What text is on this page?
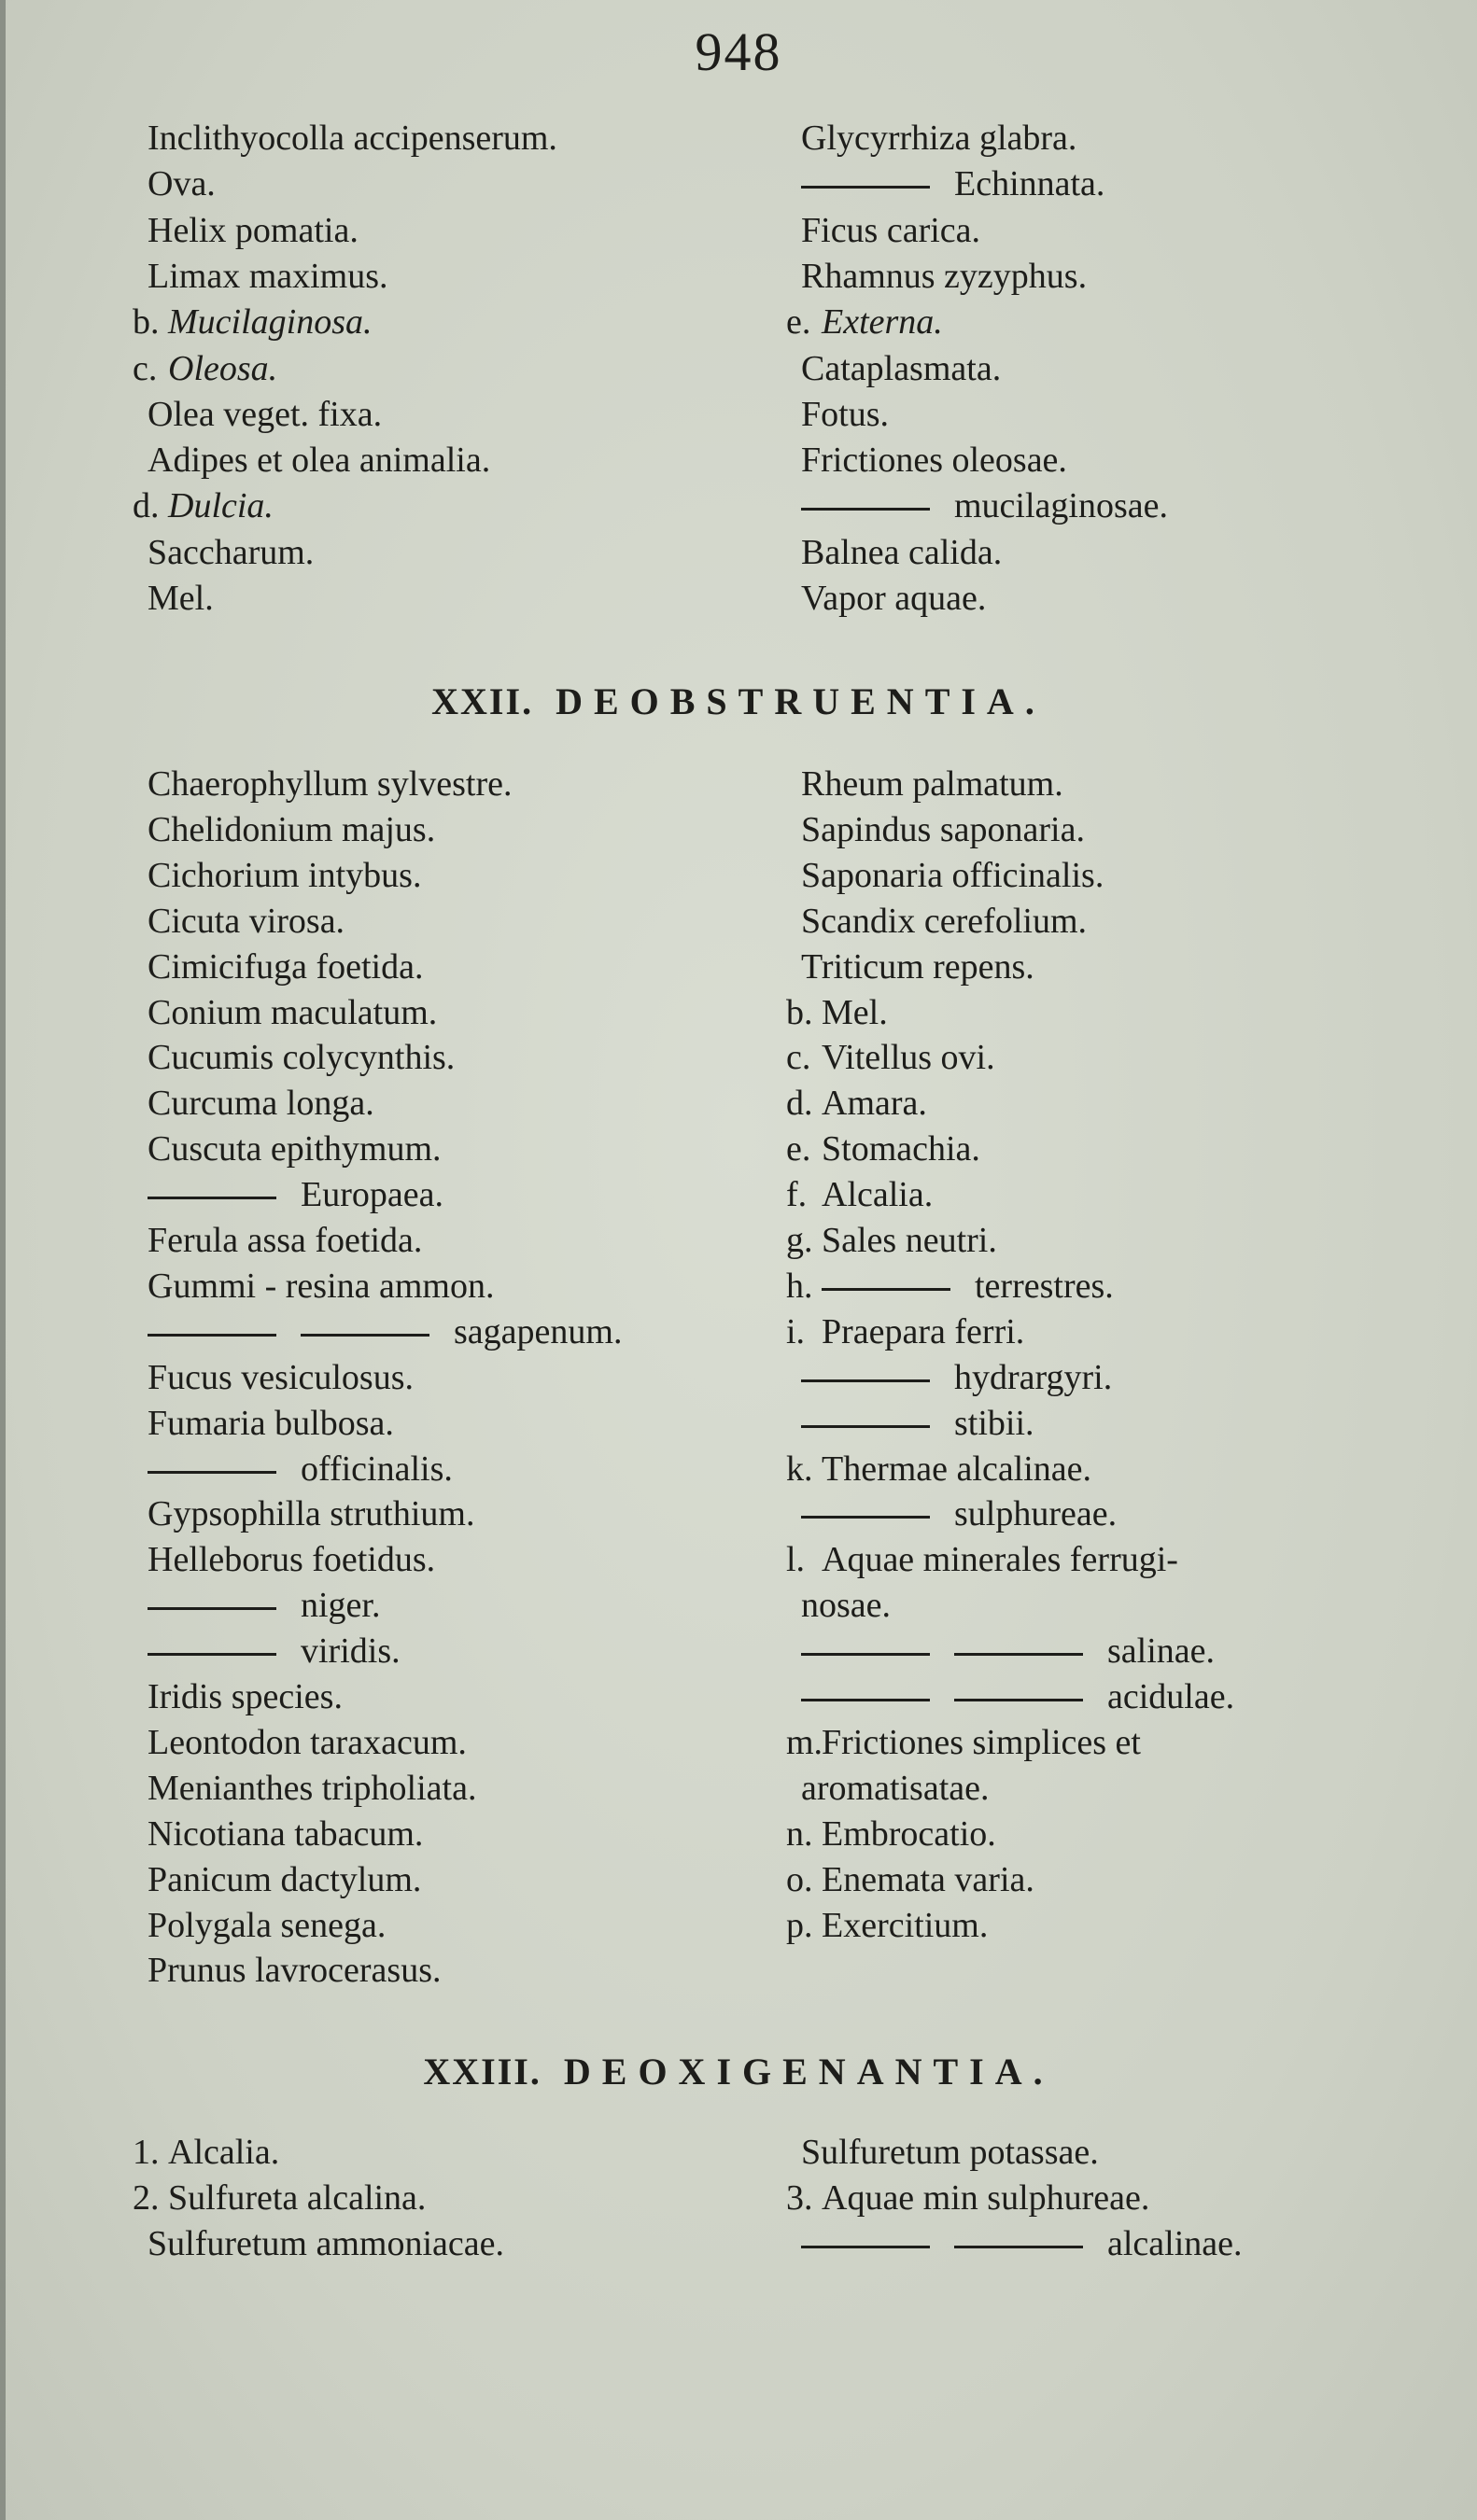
948
Inclithyocolla accipenserum.
Ova.
Helix pomatia.
Limax maximus.
b. Mucilaginosa.
c. Oleosa.
Olea veget. fixa.
Adipes et olea animalia.
d. Dulcia.
Saccharum.
Mel.
Glycyrrhiza glabra.
Echinnata.
Ficus carica.
Rhamnus zyzyphus.
e. Externa.
Cataplasmata.
Fotus.
Frictiones oleosae.
mucilaginosae.
Balnea calida.
Vapor aquae.
XXII. DEOBSTRUENTIA.
Chaerophyllum sylvestre.
Chelidonium majus.
Cichorium intybus.
Cicuta virosa.
Cimicifuga foetida.
Conium maculatum.
Cucumis colycynthis.
Curcuma longa.
Cuscuta epithymum.
Europaea.
Ferula assa foetida.
Gummi - resina ammon.
sagapenum.
Fucus vesiculosus.
Fumaria bulbosa.
officinalis.
Gypsophilla struthium.
Helleborus foetidus.
niger.
viridis.
Iridis species.
Leontodon taraxacum.
Menianthes tripholiata.
Nicotiana tabacum.
Panicum dactylum.
Polygala senega.
Prunus lavrocerasus.
Rheum palmatum.
Sapindus saponaria.
Saponaria officinalis.
Scandix cerefolium.
Triticum repens.
b. Mel.
c. Vitellus ovi.
d. Amara.
e. Stomachia.
f. Alcalia.
g. Sales neutri.
h.	terrestres.
i. Praepara ferri.
hydrargyri.
stibii.
k. Thermae alcalinae.
sulphureae.
l. Aquae minerales ferrugi-
nosae.
salinae.
acidulae.
m.Frictiones simplices et
aromatisatae.
n. Embrocatio.
o. Enemata varia.
p. Exercitium.
XXIII. DEOXIGENANTIA.
1. Alcalia.
2. Sulfureta alcalina.
Sulfuretum ammoniacae.
Sulfuretum potassae.
3. Aquae min sulphureae.
alcalinae.
